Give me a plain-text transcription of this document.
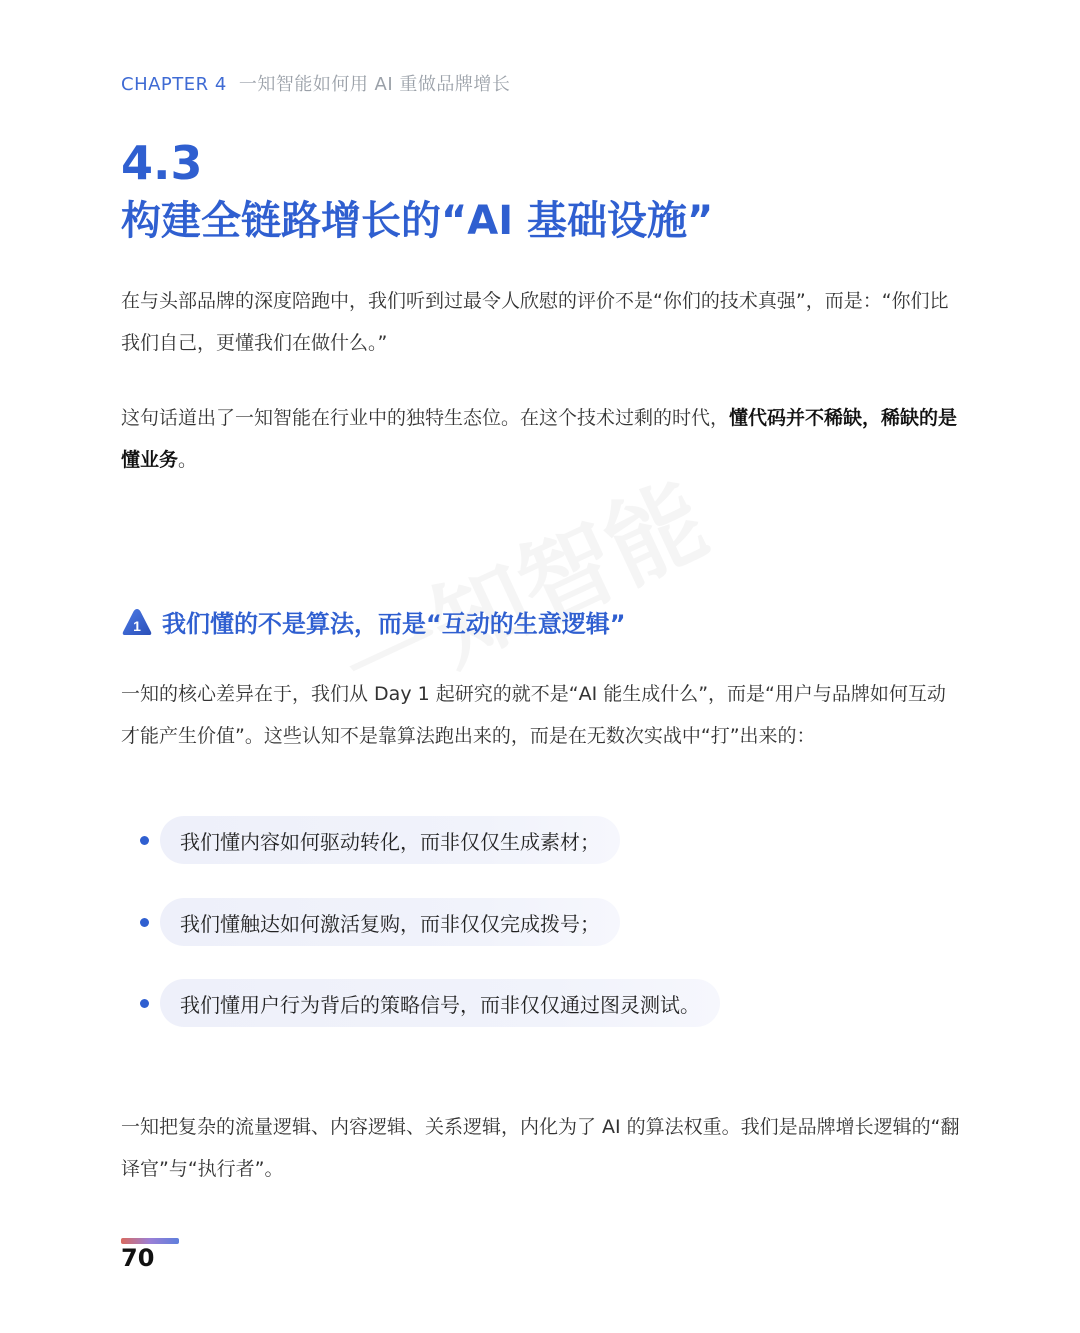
CHAPTER 4 一知智能如何用 AI 重做品牌增长
4.3
构建全链路增长的“AI 基础设施”
在与头部品牌的深度陪跑中，我们听到过最令人欣慰的评价不是“你们的技术真强”，而是：“你们比我们自己，更懂我们在做什么。”
这句话道出了一知智能在行业中的独特生态位。在这个技术过剩的时代，懂代码并不稀缺，稀缺的是懂业务。
1 我们懂的不是算法，而是“互动的生意逻辑”
一知的核心差异在于，我们从 Day 1 起研究的就不是“AI 能生成什么”，而是“用户与品牌如何互动才能产生价值”。这些认知不是靠算法跑出来的，而是在无数次实战中“打”出来的：
我们懂内容如何驱动转化，而非仅仅生成素材；
我们懂触达如何激活复购，而非仅仅完成拨号；
我们懂用户行为背后的策略信号，而非仅仅通过图灵测试。
一知把复杂的流量逻辑、内容逻辑、关系逻辑，内化为了 AI 的算法权重。我们是品牌增长逻辑的“翻译官”与“执行者”。
70
